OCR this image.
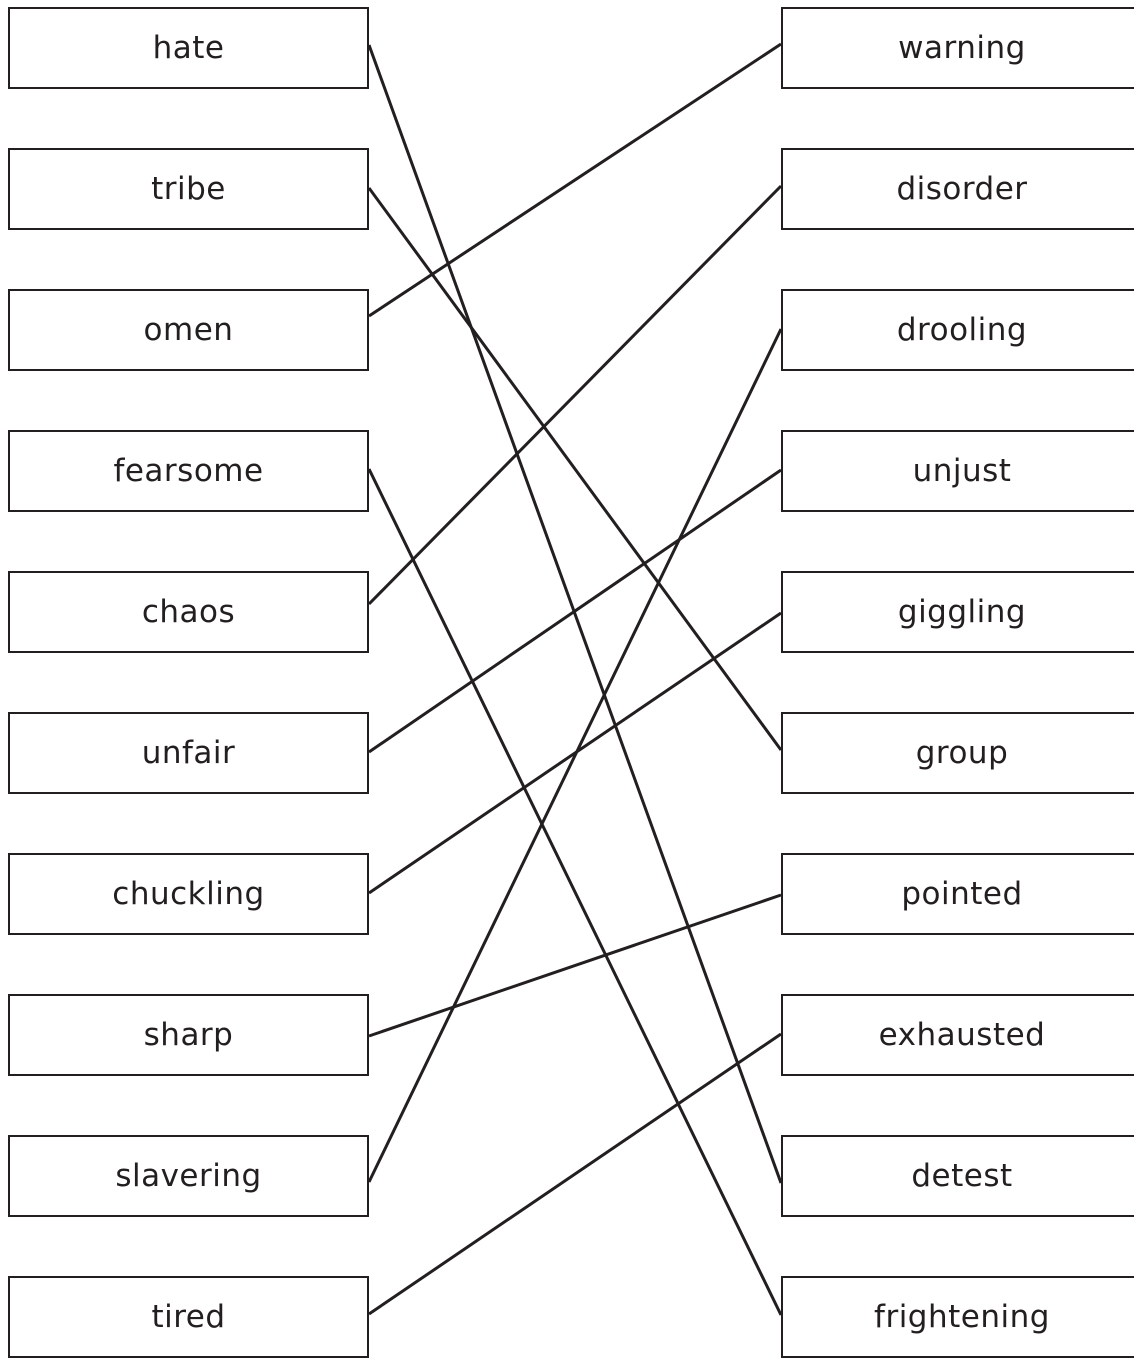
hate
tribe
omen
fearsome
chaos
unfair
chuckling
sharp
slavering
tired
warning
disorder
drooling
unjust
giggling
group
pointed
exhausted
detest
frightening
